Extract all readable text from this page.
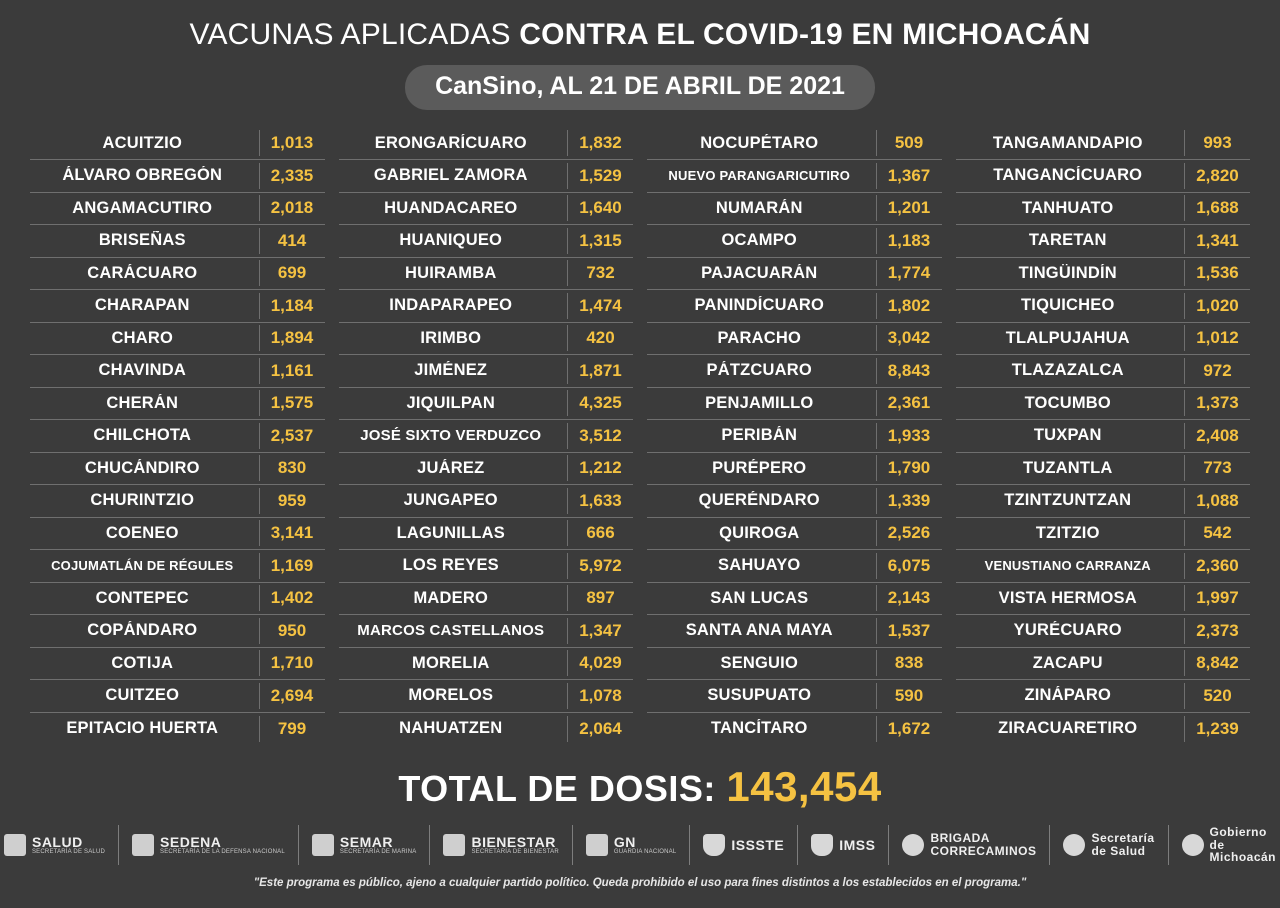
VACUNAS APLICADAS CONTRA EL COVID-19 EN MICHOACÁN
CanSino, AL 21 DE ABRIL DE 2021
ACUITZIO	1,013
ÁLVARO OBREGÓN	2,335
ANGAMACUTIRO	2,018
BRISEÑAS	414
CARÁCUARO	699
CHARAPAN	1,184
CHARO	1,894
CHAVINDA	1,161
CHERÁN	1,575
CHILCHOTA	2,537
CHUCÁNDIRO	830
CHURINTZIO	959
COENEO	3,141
COJUMATLÁN DE RÉGULES	1,169
CONTEPEC	1,402
COPÁNDARO	950
COTIJA	1,710
CUITZEO	2,694
EPITACIO HUERTA	799
ERONGARÍCUARO	1,832
GABRIEL ZAMORA	1,529
HUANDACAREO	1,640
HUANIQUEO	1,315
HUIRAMBA	732
INDAPARAPEO	1,474
IRIMBO	420
JIMÉNEZ	1,871
JIQUILPAN	4,325
JOSÉ SIXTO VERDUZCO	3,512
JUÁREZ	1,212
JUNGAPEO	1,633
LAGUNILLAS	666
LOS REYES	5,972
MADERO	897
MARCOS CASTELLANOS	1,347
MORELIA	4,029
MORELOS	1,078
NAHUATZEN	2,064
NOCUPÉTARO	509
NUEVO PARANGARICUTIRO	1,367
NUMARÁN	1,201
OCAMPO	1,183
PAJACUARÁN	1,774
PANINDÍCUARO	1,802
PARACHO	3,042
PÁTZCUARO	8,843
PENJAMILLO	2,361
PERIBÁN	1,933
PURÉPERO	1,790
QUERÉNDARO	1,339
QUIROGA	2,526
SAHUAYO	6,075
SAN LUCAS	2,143
SANTA ANA MAYA	1,537
SENGUIO	838
SUSUPUATO	590
TANCÍTARO	1,672
TANGAMANDAPIO	993
TANGANCÍCUARO	2,820
TANHUATO	1,688
TARETAN	1,341
TINGÜINDÍN	1,536
TIQUICHEO	1,020
TLALPUJAHUA	1,012
TLAZAZALCA	972
TOCUMBO	1,373
TUXPAN	2,408
TUZANTLA	773
TZINTZUNTZAN	1,088
TZITZIO	542
VENUSTIANO CARRANZA	2,360
VISTA HERMOSA	1,997
YURÉCUARO	2,373
ZACAPU	8,842
ZINÁPARO	520
ZIRACUARETIRO	1,239
TOTAL DE DOSIS: 143,454
SALUD
SECRETARÍA DE SALUD
SEDENA
SECRETARÍA DE LA DEFENSA NACIONAL
SEMAR
SECRETARÍA DE MARINA
BIENESTAR
SECRETARÍA DE BIENESTAR
GN
GUARDIA NACIONAL	ISSSTE	IMSS	BRIGADA CORRECAMINOS
Secretaría de Salud
Gobierno de Michoacán
"Este programa es público, ajeno a cualquier partido político. Queda prohibido el uso para fines distintos a los establecidos en el programa."
